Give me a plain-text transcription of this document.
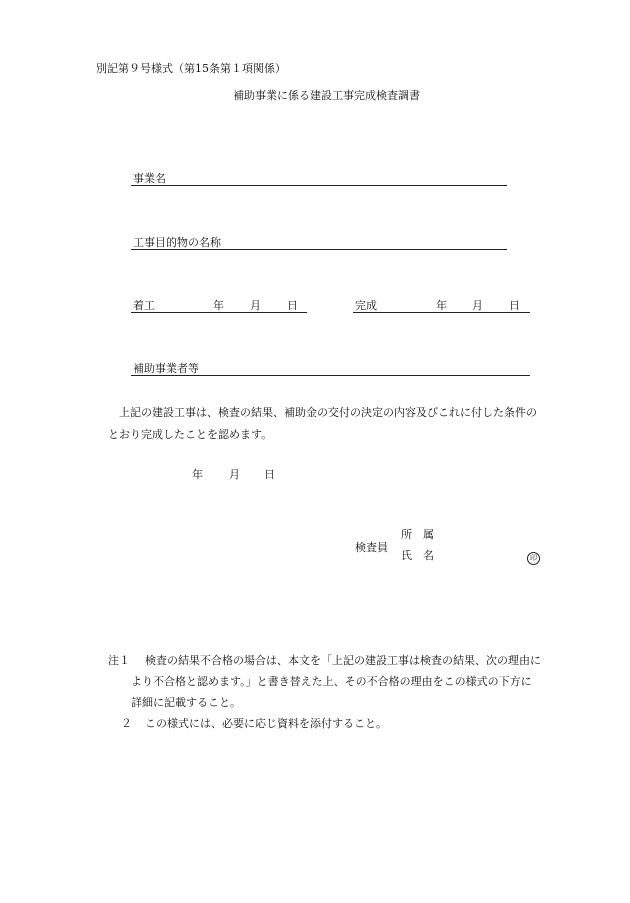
別記第９号様式（第15条第１項関係）
補助事業に係る建設工事完成検査調書
事業名
工事目的物の名称
着工	年 月 日	完成	年 月 日
補助事業者等
上記の建設工事は、検査の結果、補助金の交付の決定の内容及びこれに付した条件の
とおり完成したことを認めます。
年 月 日
所　属
検査員
氏　名	印
注１ 検査の結果不合格の場合は、本文を「上記の建設工事は検査の結果、次の理由に
より不合格と認めます。」と書き替えた上、その不合格の理由をこの様式の下方に
詳細に記載すること。
２ この様式には、必要に応じ資料を添付すること。
